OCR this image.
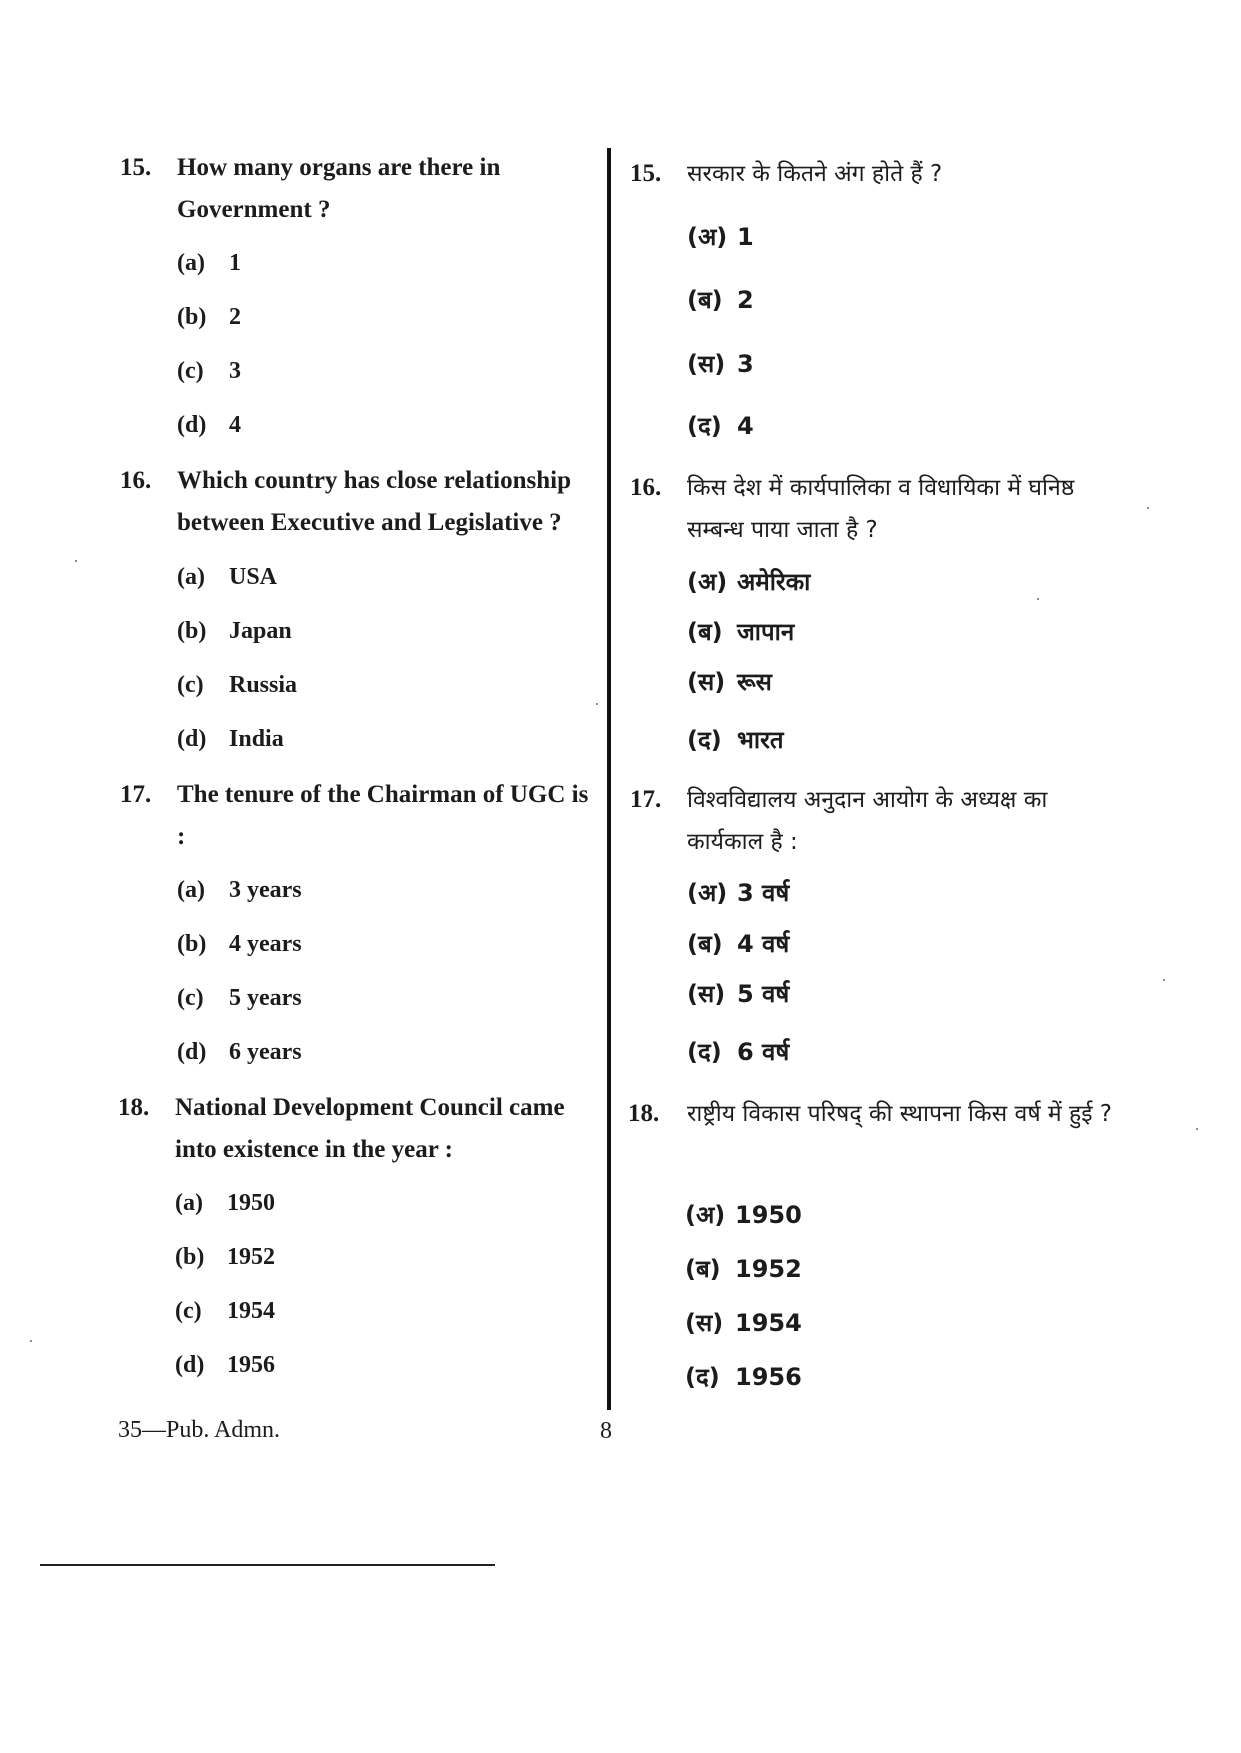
15. How many organs are there in Government ?
(a) 1
(b) 2
(c) 3
(d) 4
16. Which country has close relationship between Executive and Legislative ?
(a) USA
(b) Japan
(c) Russia
(d) India
17. The tenure of the Chairman of UGC is :
(a) 3 years
(b) 4 years
(c) 5 years
(d) 6 years
18. National Development Council came into existence in the year :
(a) 1950
(b) 1952
(c) 1954
(d) 1956
15. सरकार के कितने अंग होते हैं ?
(अ) 1
(ब) 2
(स) 3
(द) 4
16. किस देश में कार्यपालिका व विधायिका में घनिष्ठ सम्बन्ध पाया जाता है ?
(अ) अमेरिका
(ब) जापान
(स) रूस
(द) भारत
17. विश्वविद्यालय अनुदान आयोग के अध्यक्ष का कार्यकाल है :
(अ) 3 वर्ष
(ब) 4 वर्ष
(स) 5 वर्ष
(द) 6 वर्ष
18. राष्ट्रीय विकास परिषद् की स्थापना किस वर्ष में हुई ?
(अ) 1950
(ब) 1952
(स) 1954
(द) 1956
35—Pub. Admn.	8
